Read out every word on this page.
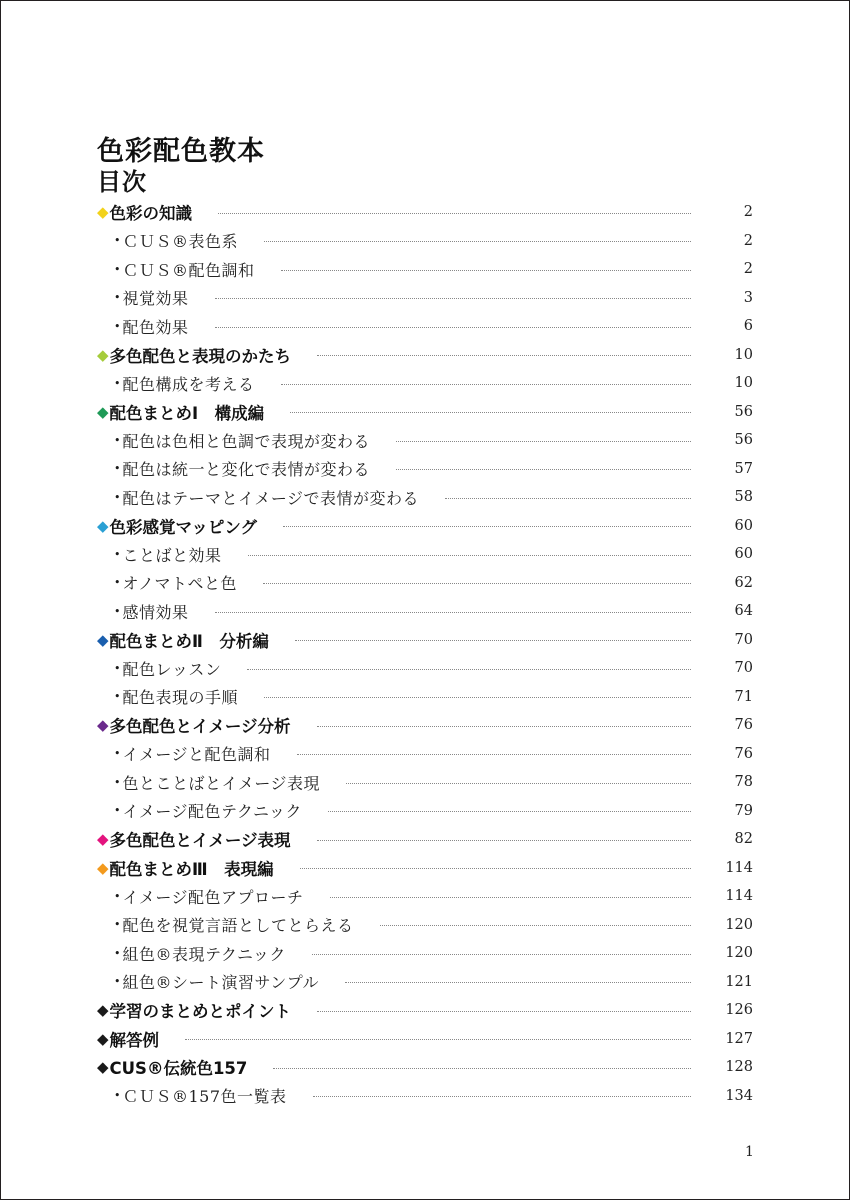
色彩配色教本
目次
◆ 色彩の知識	2
• ＣＵＳ®表色系	2
• ＣＵＳ®配色調和	2
• 視覚効果	3
• 配色効果	6
◆ 多色配色と表現のかたち	10
• 配色構成を考える	10
◆ 配色まとめⅠ　構成編	56
• 配色は色相と色調で表現が変わる	56
• 配色は統一と変化で表情が変わる	57
• 配色はテーマとイメージで表情が変わる	58
◆ 色彩感覚マッピング	60
• ことばと効果	60
• オノマトペと色	62
• 感情効果	64
◆ 配色まとめⅡ　分析編	70
• 配色レッスン	70
• 配色表現の手順	71
◆ 多色配色とイメージ分析	76
• イメージと配色調和	76
• 色とことばとイメージ表現	78
• イメージ配色テクニック	79
◆ 多色配色とイメージ表現	82
◆ 配色まとめⅢ　表現編	114
• イメージ配色アプローチ	114
• 配色を視覚言語としてとらえる	120
• 組色®表現テクニック	120
• 組色®シート演習サンプル	121
◆ 学習のまとめとポイント	126
◆ 解答例	127
◆ CUS®伝統色157	128
• ＣＵＳ®157色一覧表	134
1
